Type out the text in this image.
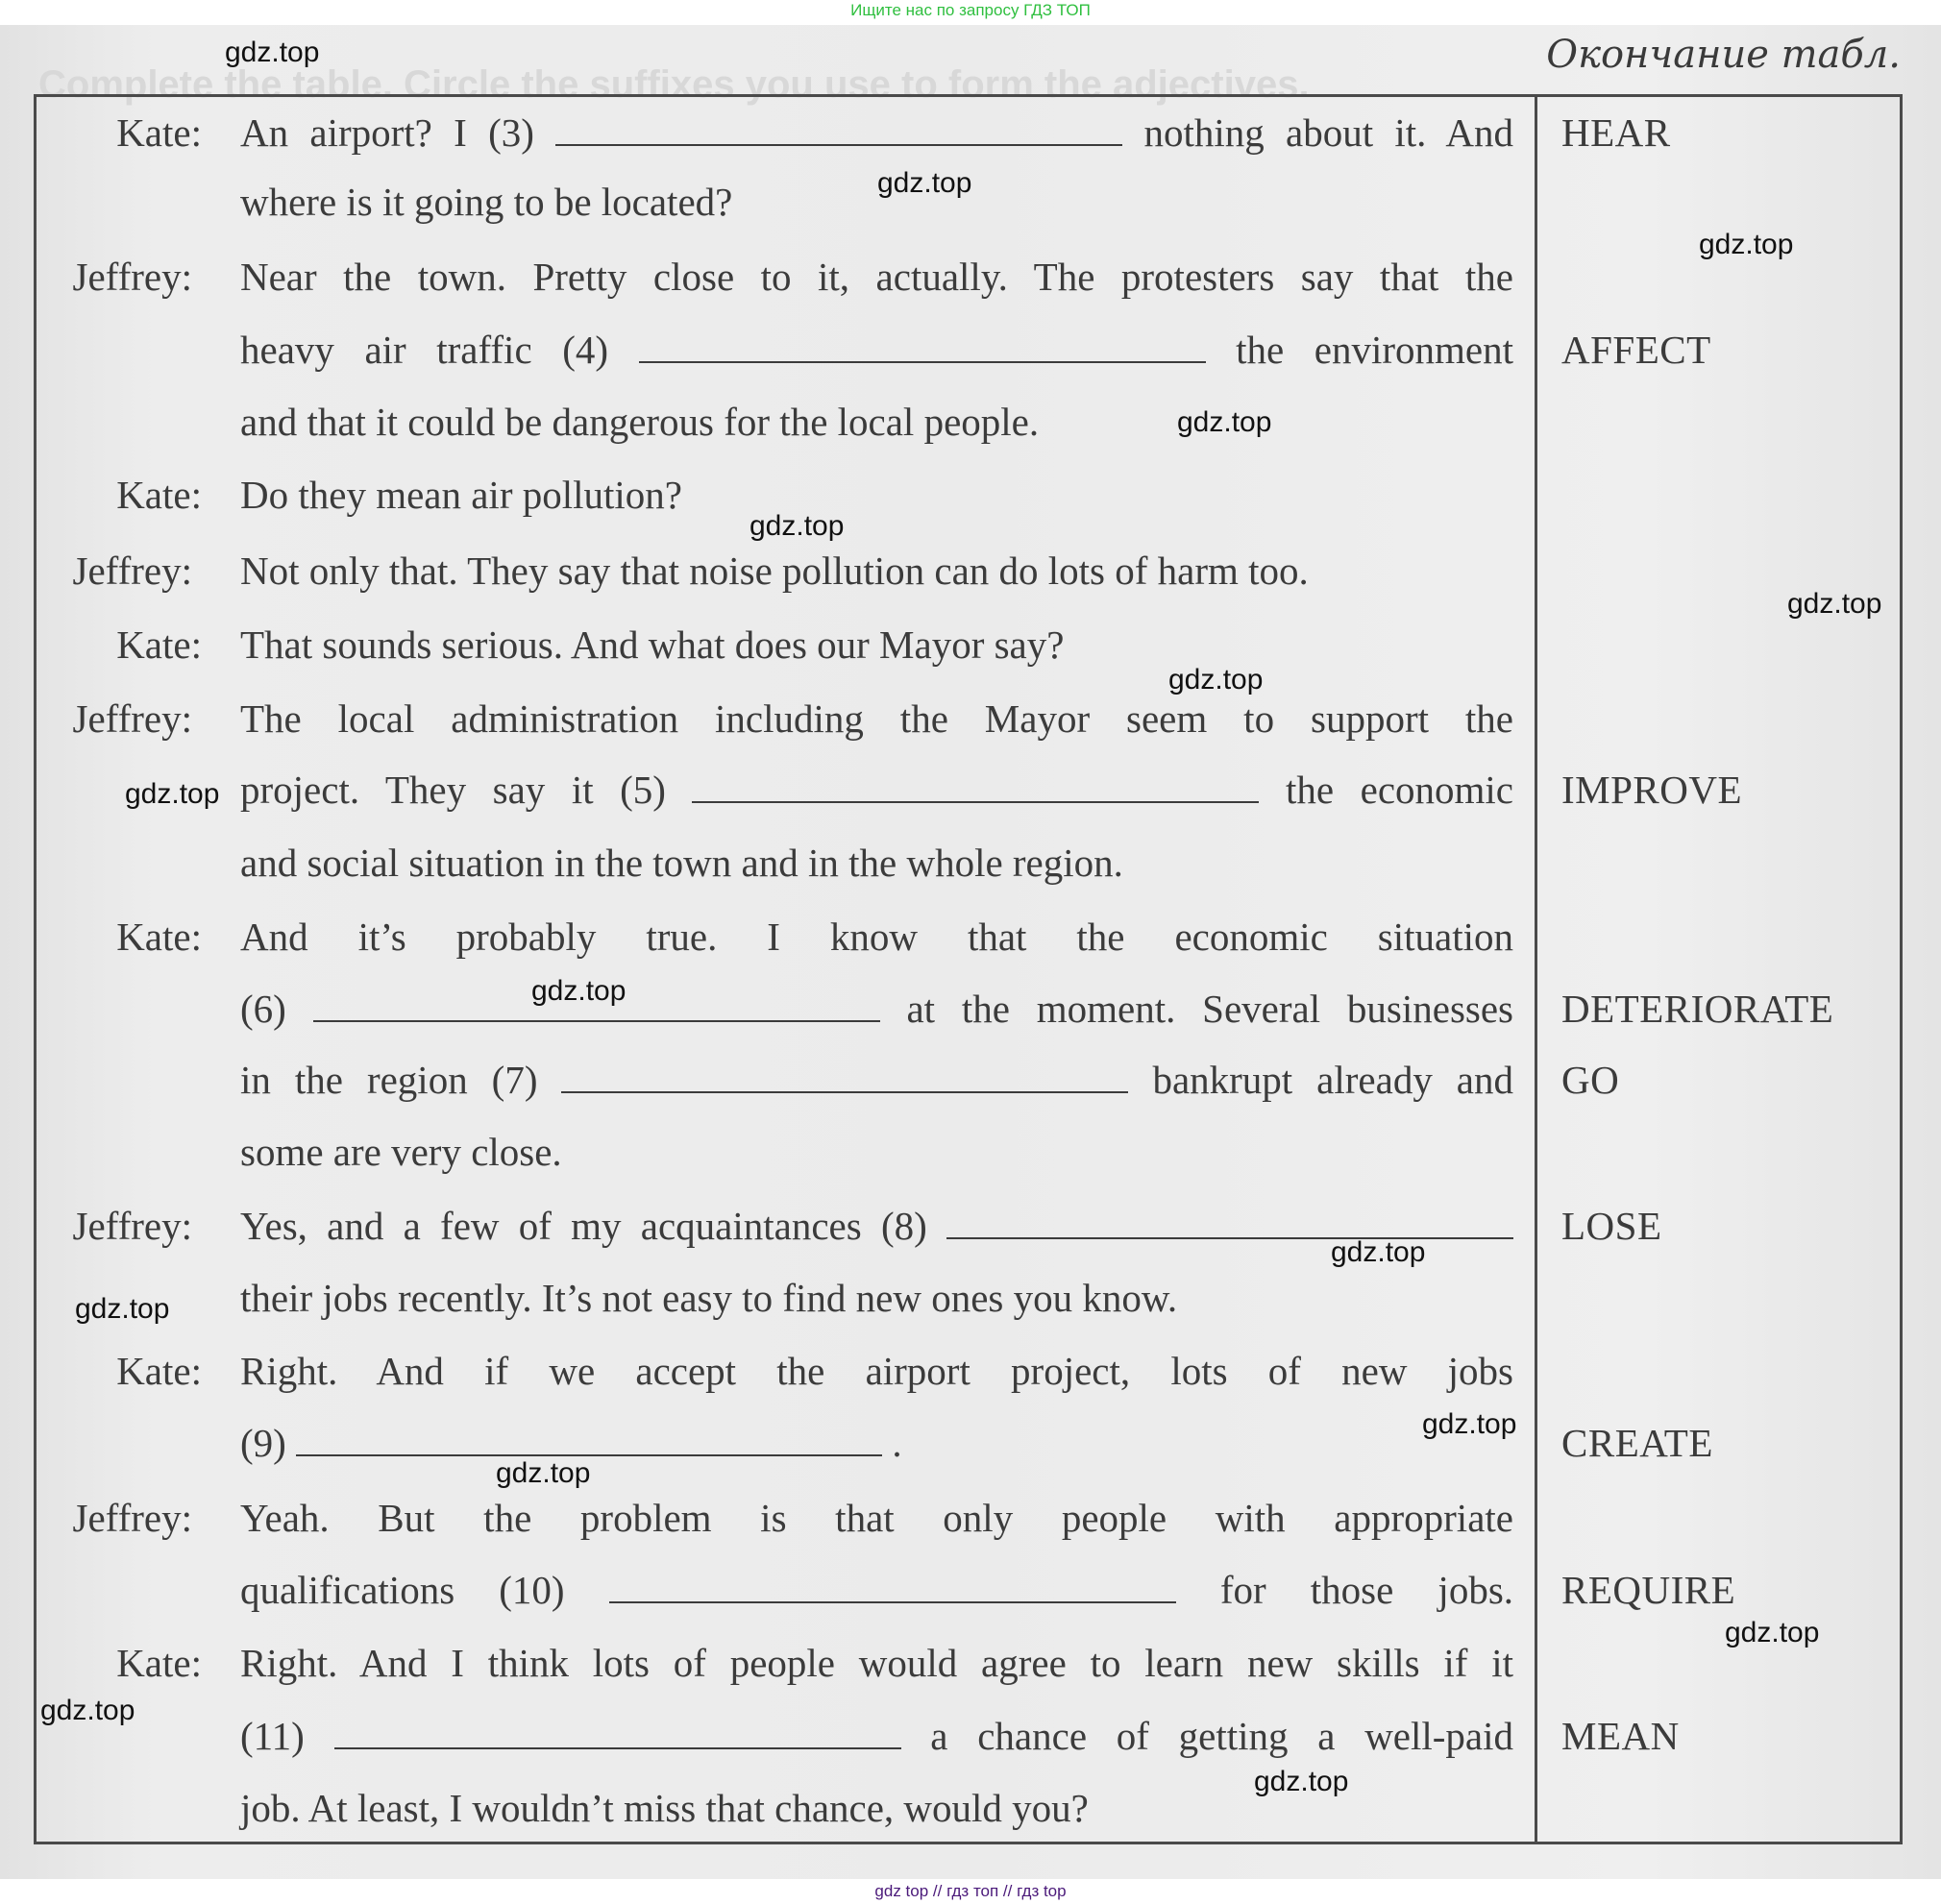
Ищите нас по запросу ГДЗ ТОП
Complete the table. Circle the suffixes you use to form the adjectives.
Окончание табл.
Kate: An airport? I (3)	nothing about it. And HEAR
where is it going to be located?
Jeffrey: Near the town. Pretty close to it, actually. The protesters say that the
heavy air traffic (4)	the environment AFFECT
and that it could be dangerous for the local people.
Kate: Do they mean air pollution?
Jeffrey: Not only that. They say that noise pollution can do lots of harm too.
Kate: That sounds serious. And what does our Mayor say?
Jeffrey: The local administration including the Mayor seem to support the
project. They say it (5)	the economic IMPROVE
and social situation in the town and in the whole region.
Kate: And it’s probably true. I know that the economic situation
(6)	at the moment. Several businesses DETERIORATE
in the region (7)	bankrupt already and GO
some are very close.
Jeffrey: Yes, and a few of my acquaintances (8)	LOSE
their jobs recently. It’s not easy to find new ones you know.
Kate: Right. And if we accept the airport project, lots of new jobs
(9)	.	CREATE
Jeffrey: Yeah. But the problem is that only people with appropriate
qualifications (10)	for those jobs. REQUIRE
Kate: Right. And I think lots of people would agree to learn new skills if it
(11)	a chance of getting a well-paid MEAN
job. At least, I wouldn’t miss that chance, would you?
gdz.top
gdz.top
gdz.top
gdz.top
gdz.top
gdz.top
gdz.top
gdz.top
gdz.top
gdz.top
gdz.top
gdz.top
gdz.top
gdz.top
gdz.top
gdz.top
gdz top // гдз топ // гдз top
